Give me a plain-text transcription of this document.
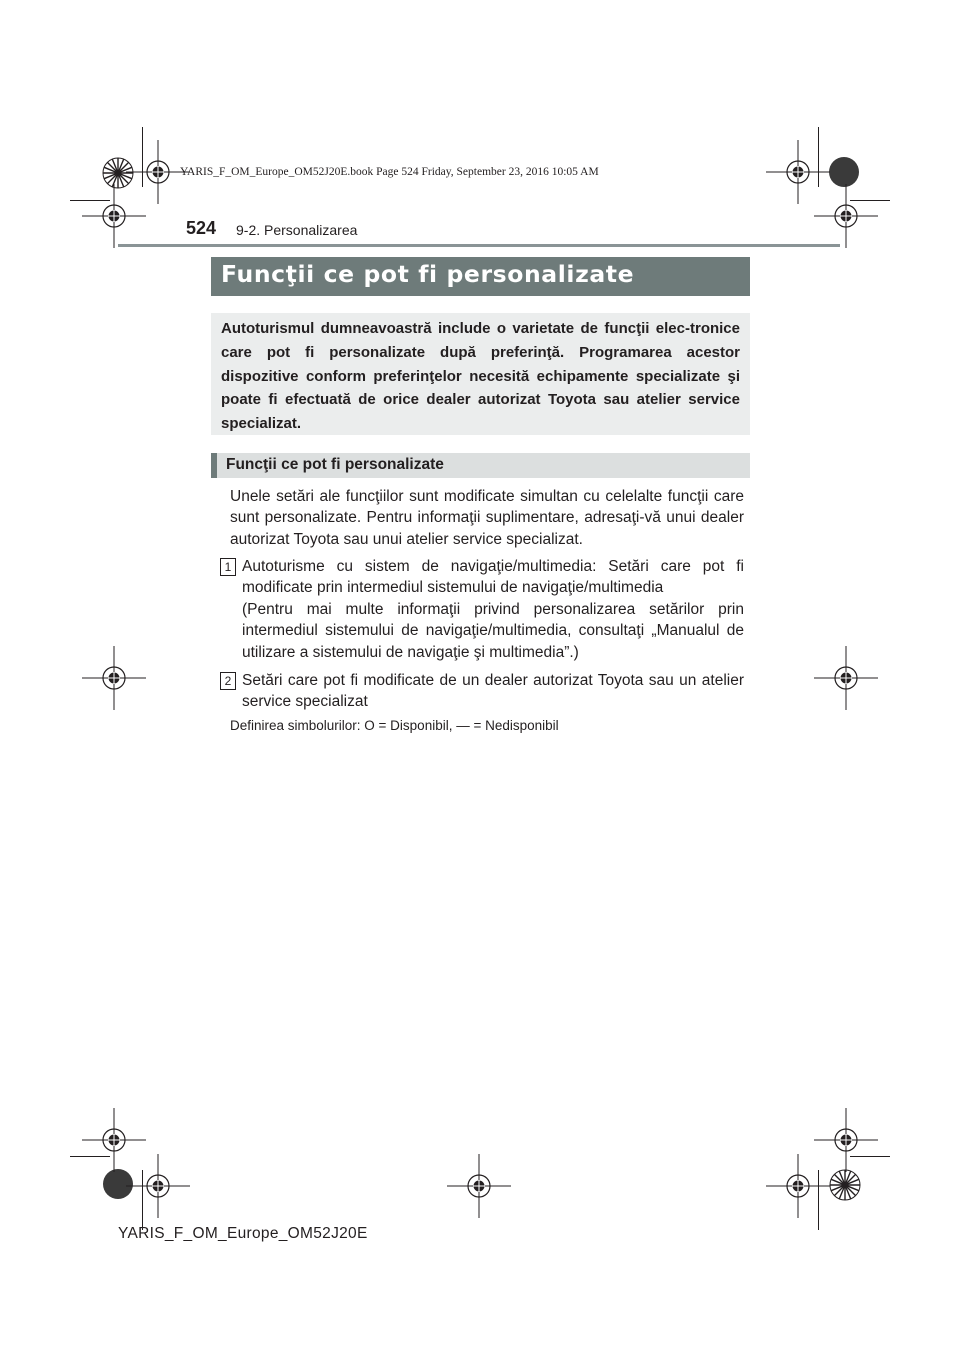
YARIS_F_OM_Europe_OM52J20E.book Page 524 Friday, September 23, 2016 10:05 AM
524 9-2. Personalizarea
Funcţii ce pot fi personalizate
Autoturismul dumneavoastră include o varietate de funcţii elec-tronice care pot fi personalizate după preferinţă. Programarea acestor dispozitive conform preferinţelor necesită echipamente specializate şi poate fi efectuată de orice dealer autorizat Toyota sau atelier service specializat.
Funcţii ce pot fi personalizate
Unele setări ale funcţiilor sunt modificate simultan cu celelalte funcţii care sunt personalizate. Pentru informaţii suplimentare, adresaţi-vă unui dealer autorizat Toyota sau unui atelier service specializat.
1 Autoturisme cu sistem de navigaţie/multimedia: Setări care pot fi modificate prin intermediul sistemului de navigaţie/multimedia
(Pentru mai multe informaţii privind personalizarea setărilor prin intermediul sistemului de navigaţie/multimedia, consultaţi „Manualul de utilizare a sistemului de navigaţie şi multimedia”.)
2 Setări care pot fi modificate de un dealer autorizat Toyota sau un atelier service specializat
Definirea simbolurilor: O = Disponibil, — = Nedisponibil
YARIS_F_OM_Europe_OM52J20E
